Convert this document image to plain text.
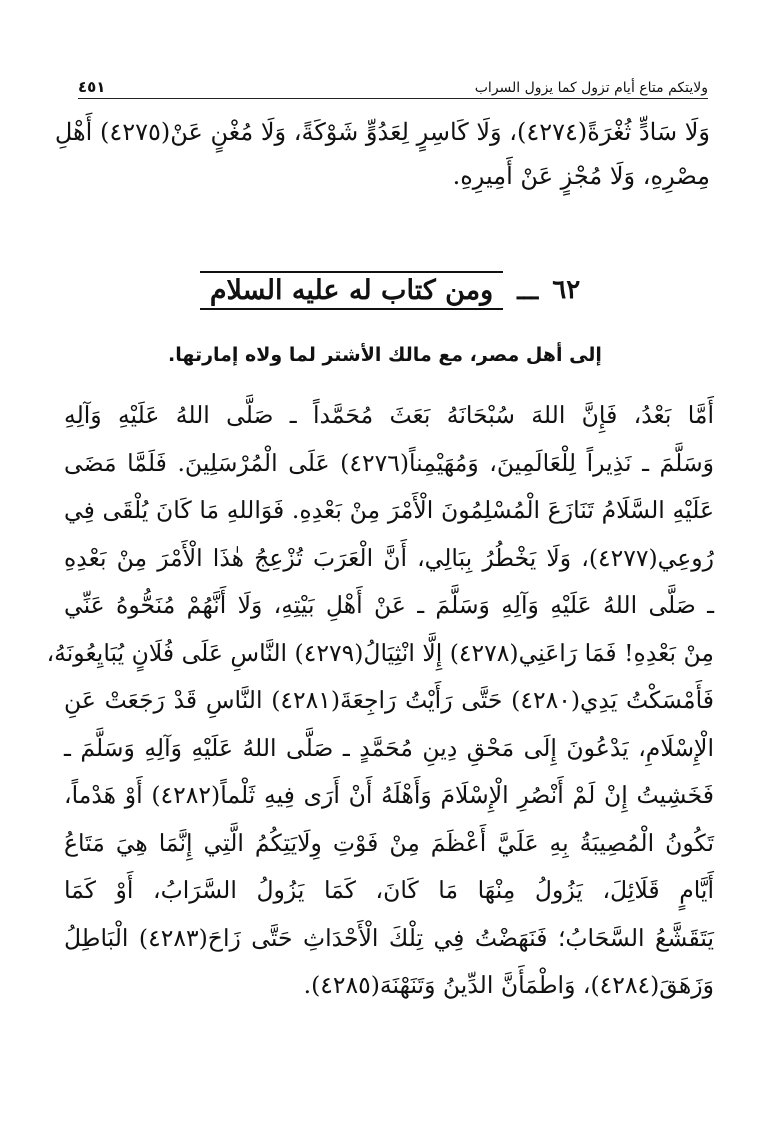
ولايتكم متاع أيام تزول كما يزول السراب
٤٥١
وَلَا سَادٍّ ثُغْرَةً(٤٢٧٤)، وَلَا كَاسِرٍ لِعَدُوٍّ شَوْكَةً، وَلَا مُغْنٍ عَنْ(٤٢٧٥) أَهْلِ
مِصْرِهِ، وَلَا مُجْزٍ عَنْ أَمِيرِهِ.
٦٢
ـــ
ومن كتاب له عليه السلام
إلى أهل مصر، مع مالك الأشتر لما ولاه إمارتها.
أَمَّا بَعْدُ، فَإِنَّ اللهَ سُبْحَانَهُ بَعَثَ مُحَمَّداً ـ صَلَّى اللهُ عَلَيْهِ وَآلِهِ
وَسَلَّمَ ـ نَذِيراً لِلْعَالَمِينَ، وَمُهَيْمِناً(٤٢٧٦) عَلَى الْمُرْسَلِينَ. فَلَمَّا مَضَى
عَلَيْهِ السَّلَامُ تَنَازَعَ الْمُسْلِمُونَ الْأَمْرَ مِنْ بَعْدِهِ. فَوَاللهِ مَا كَانَ يُلْقَى فِي
رُوعِي(٤٢٧٧)، وَلَا يَخْطُرُ بِبَالِي، أَنَّ الْعَرَبَ تُزْعِجُ هٰذَا الْأَمْرَ مِنْ بَعْدِهِ
ـ صَلَّى اللهُ عَلَيْهِ وَآلِهِ وَسَلَّمَ ـ عَنْ أَهْلِ بَيْتِهِ، وَلَا أَنَّهُمْ مُنَحُّوهُ عَنِّي
مِنْ بَعْدِهِ! فَمَا رَاعَنِي(٤٢٧٨) إِلَّا انْثِيَالُ(٤٢٧٩) النَّاسِ عَلَى فُلَانٍ يُبَايِعُونَهُ،
فَأَمْسَكْتُ يَدِي(٤٢٨٠) حَتَّى رَأَيْتُ رَاجِعَةَ(٤٢٨١) النَّاسِ قَدْ رَجَعَتْ عَنِ
الْإِسْلَامِ، يَدْعُونَ إِلَى مَحْقِ دِينِ مُحَمَّدٍ ـ صَلَّى اللهُ عَلَيْهِ وَآلِهِ وَسَلَّمَ ـ
فَخَشِيتُ إِنْ لَمْ أَنْصُرِ الْإِسْلَامَ وَأَهْلَهُ أَنْ أَرَى فِيهِ ثَلْماً(٤٢٨٢) أَوْ هَدْماً،
تَكُونُ الْمُصِيبَةُ بِهِ عَلَيَّ أَعْظَمَ مِنْ فَوْتِ وِلَايَتِكُمُ الَّتِي إِنَّمَا هِيَ مَتَاعُ
أَيَّامٍ قَلَائِلَ، يَزُولُ مِنْهَا مَا كَانَ، كَمَا يَزُولُ السَّرَابُ، أَوْ كَمَا
يَتَقَشَّعُ السَّحَابُ؛ فَنَهَضْتُ فِي تِلْكَ الْأَحْدَاثِ حَتَّى زَاحَ(٤٢٨٣) الْبَاطِلُ
وَزَهَقَ(٤٢٨٤)، وَاطْمَأَنَّ الدِّينُ وَتَنَهْنَهَ(٤٢٨٥).
